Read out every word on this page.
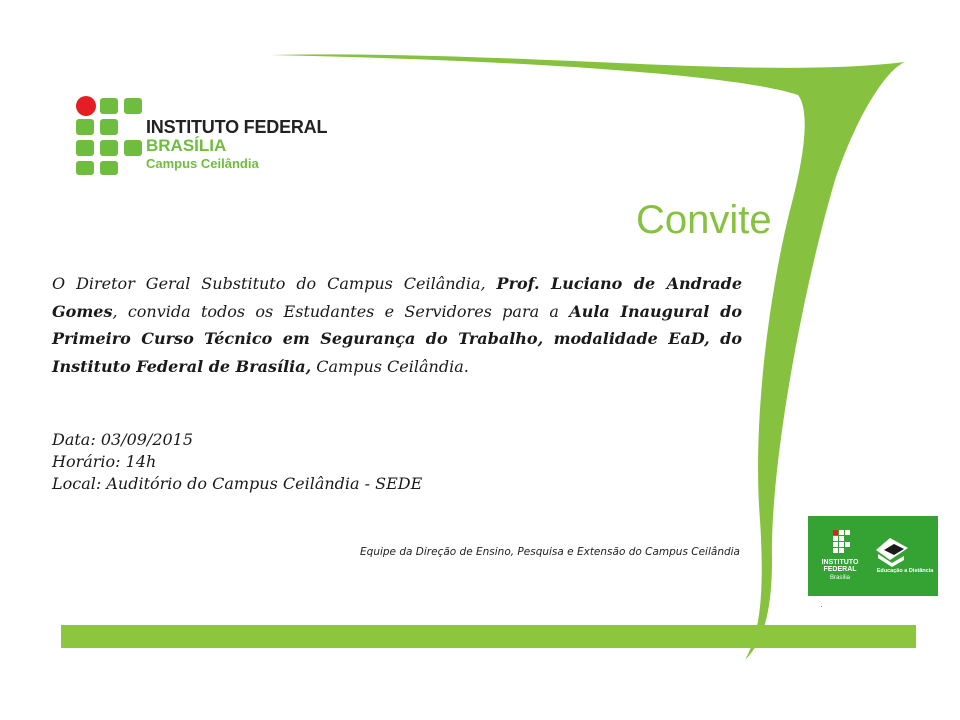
INSTITUTO FEDERAL
BRASÍLIA
Campus Ceilândia
Convite

O Diretor Geral Substituto do Campus Ceilândia, Prof. Luciano de Andrade Gomes, convida todos os Estudantes e Servidores para a Aula Inaugural do Primeiro Curso Técnico em Segurança do Trabalho, modalidade EaD, do Instituto Federal de Brasília, Campus Ceilândia.

Data: 03/09/2015
Horário: 14h
Local: Auditório do Campus Ceilândia - SEDE
Equipe da Direção de Ensino, Pesquisa e Extensão do Campus Ceilândia
INSTITUTO
FEDERAL
Brasília
Educação a Distância
